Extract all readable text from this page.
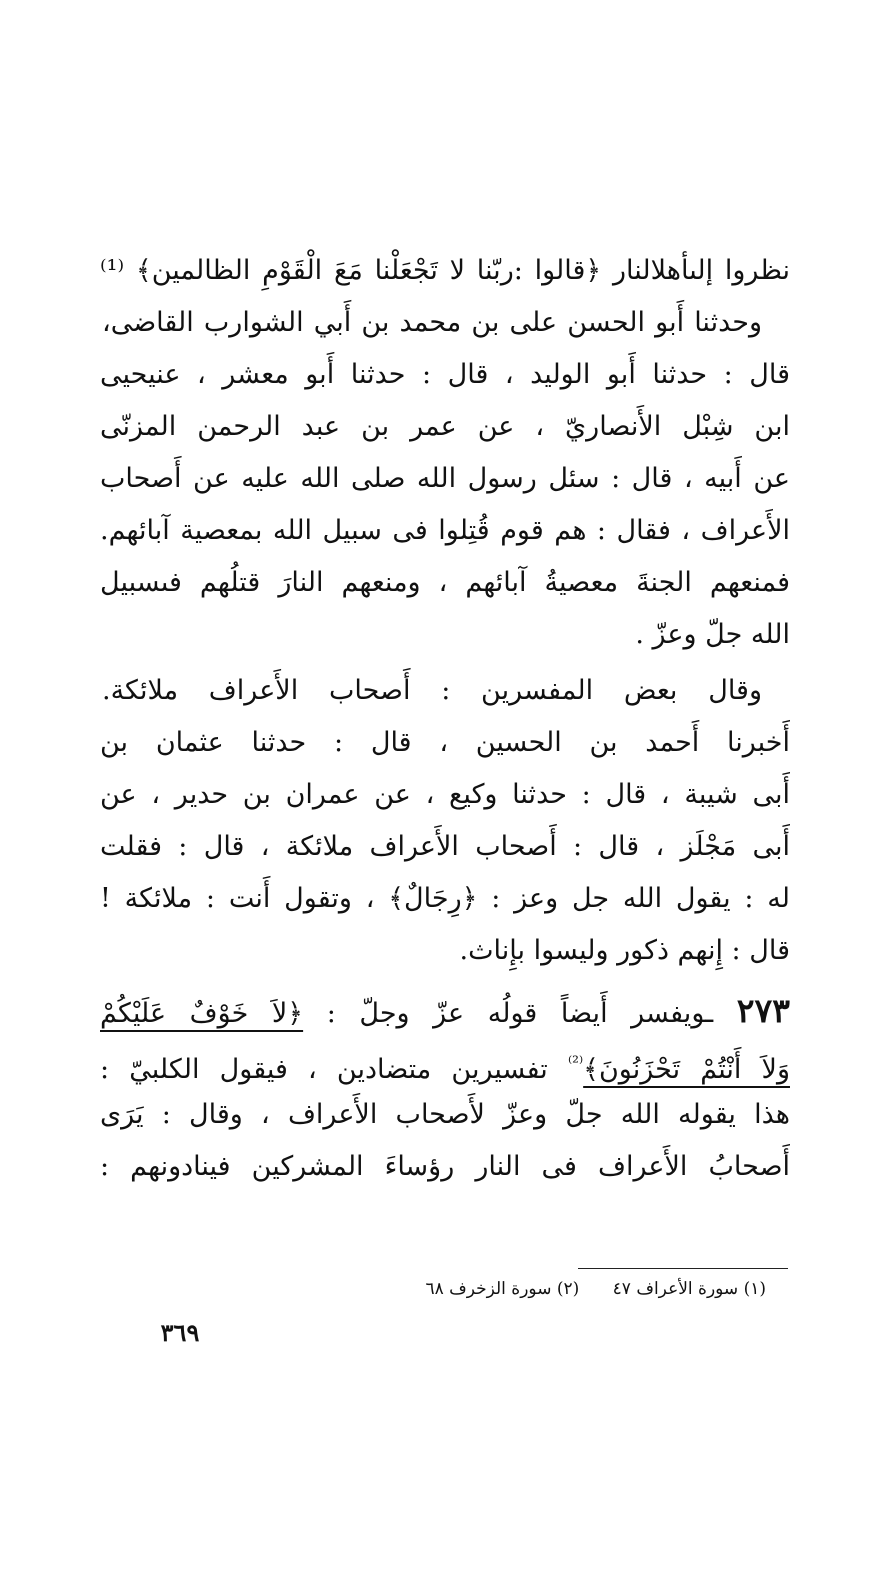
نظروا إلىأهلالنار ﴿قالوا :ربّنا لا تَجْعَلْنا مَعَ الْقَوْمِ الظالمين﴾ ⁽¹⁾
وحدثنا أَبو الحسن على بن محمد بن أَبي الشوارب القاضى،
قال : حدثنا أَبو الوليد ، قال : حدثنا أَبو معشر ، عنيحيى
ابن شِبْل الأَنصاريّ ، عن عمر بن عبد الرحمن المزنّى
عن أَبيه ، قال : سئل رسول الله صلى الله عليه عن أَصحاب
الأَعراف ، فقال : هم قوم قُتِلوا فى سبيل الله بمعصية آبائهم.
فمنعهم الجنةَ معصيةُ آبائهم ، ومنعهم النارَ قتلُهم فىسبيل
الله جلّ وعزّ .
وقال بعض المفسرين : أَصحاب الأَعراف ملائكة.
أَخبرنا أَحمد بن الحسين ، قال : حدثنا عثمان بن
أَبى شيبة ، قال : حدثنا وكيع ، عن عمران بن حدير ، عن
أَبى مَجْلَز ، قال : أَصحاب الأَعراف ملائكة ، قال : فقلت
له : يقول الله جل وعز : ﴿رِجَالٌ﴾ ، وتقول أَنت : ملائكة !
قال : إِنهم ذكور وليسوا بإِناث.
٢٧٣ ـويفسر أَيضاً قولُه عزّ وجلّ : ﴿لاَ خَوْفٌ عَلَيْكُمْ
وَلاَ أَنْتُمْ تَحْزَنُونَ﴾$^{^{(2)}}$ تفسيرين متضادين ، فيقول الكلبيّ :
هذا يقوله الله جلّ وعزّ لأَصحاب الأَعراف ، وقال : يَرَى
أَصحابُ الأَعراف فى النار رؤساءَ المشركين فينادونهم :
(١) سورة الأعراف ٤٧ (٢) سورة الزخرف ٦٨
٣٦٩
